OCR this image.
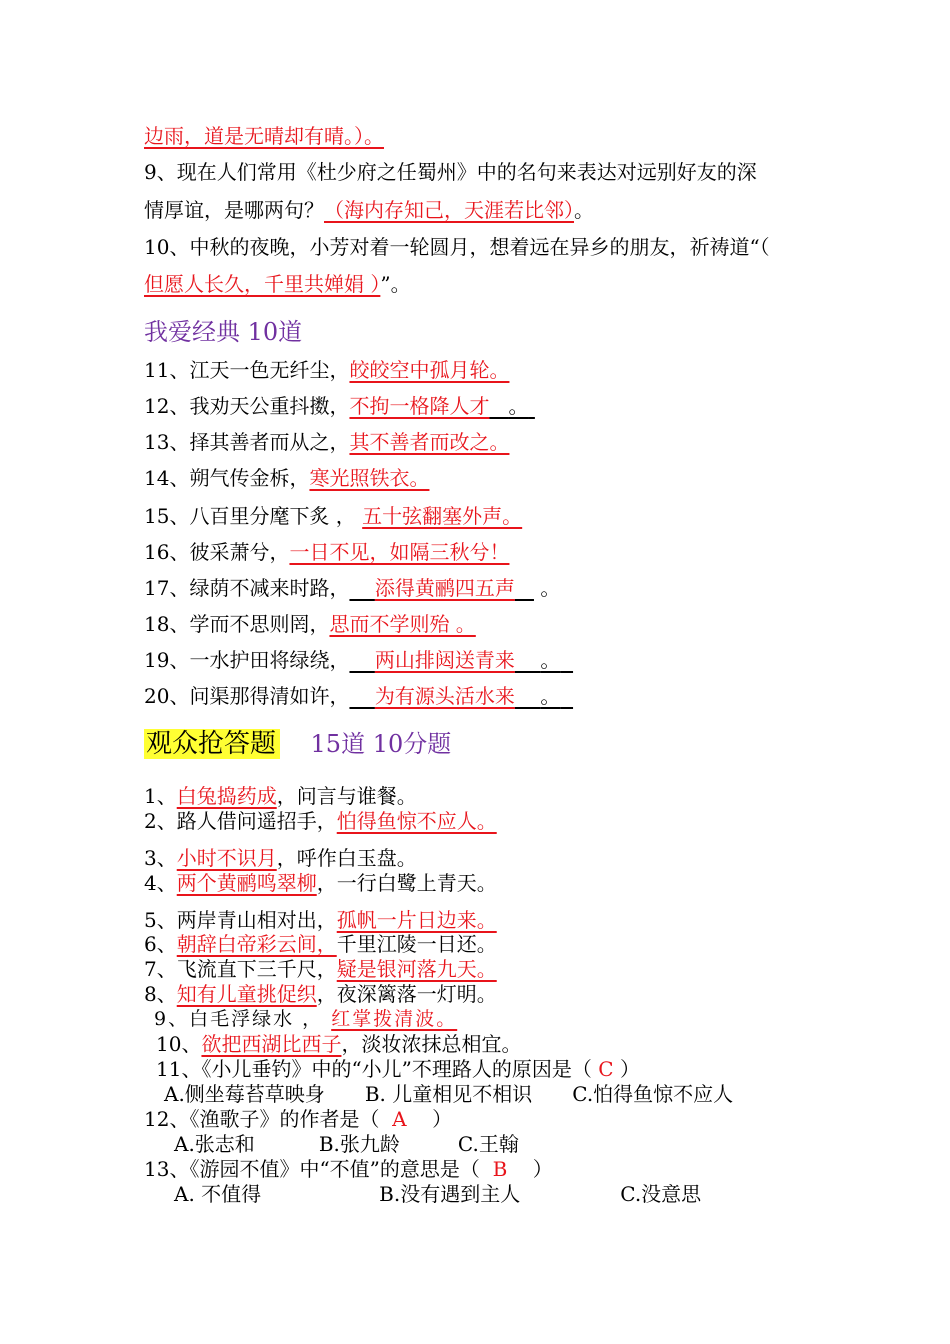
边雨，道是无晴却有晴。）。
9、现在人们常用《杜少府之任蜀州》中的名句来表达对远别好友的深
情厚谊，是哪两句？（海内存知己，天涯若比邻）。
10、中秋的夜晚，小芳对着一轮圆月，想着远在异乡的朋友，祈祷道“（
但愿人长久，千里共婵娟 ）”。
我爱经典 10道
11、江天一色无纤尘，皎皎空中孤月轮。
12、我劝天公重抖擞，不拘一格降人才 。
13、择其善者而从之，其不善者而改之。
14、朔气传金柝，寒光照铁衣。
15、八百里分麾下炙 ， 五十弦翻塞外声。
16、彼采萧兮，一日不见，如隔三秋兮！
17、绿荫不减来时路， 添得黄鹂四五声 。
18、学而不思则罔，思而不学则殆 。
19、一水护田将绿绕， 两山排闼送青来 。
20、问渠那得清如许， 为有源头活水来 。
观众抢答题 15道 10分题
1、白兔捣药成，问言与谁餐。
2、路人借问遥招手，怕得鱼惊不应人。
3、小时不识月，呼作白玉盘。
4、两个黄鹂鸣翠柳，一行白鹭上青天。
5、两岸青山相对出，孤帆一片日边来。
6、朝辞白帝彩云间，千里江陵一日还。
7、飞流直下三千尺，疑是银河落九天。
8、知有儿童挑促织，夜深篱落一灯明。
9、白毛浮绿水 ， 红掌拨清波。
10、欲把西湖比西子，淡妆浓抹总相宜。
11、《小儿垂钓》中的“小儿”不理路人的原因是（ C ）
A.侧坐莓苔草映身 B. 儿童相见不相识 C.怕得鱼惊不应人
12、《渔歌子》的作者是（ A ）
A.张志和	B.张九龄	C.王翰
13、《游园不值》中“不值”的意思是（ B ）
A. 不值得	B.没有遇到主人	C.没意思
